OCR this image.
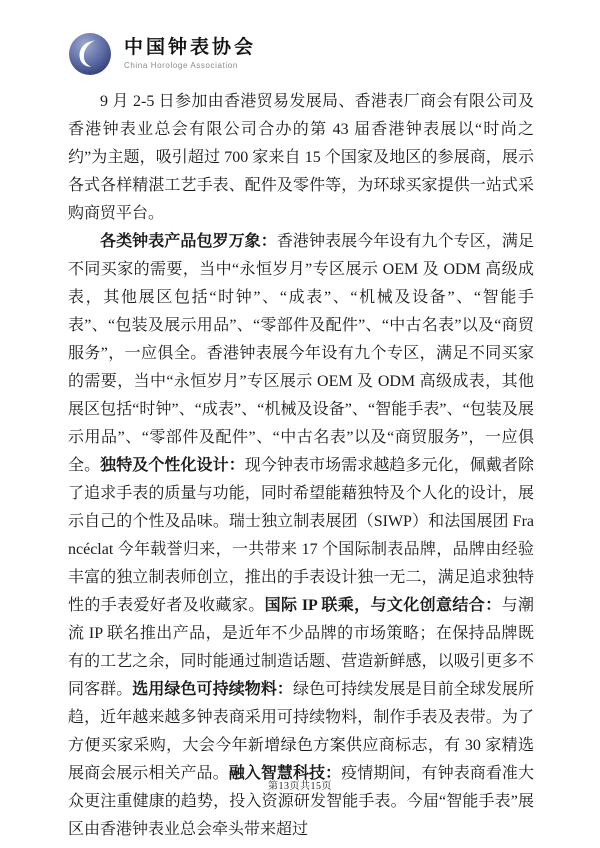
中国钟表协会
China Horologe Association

9 月 2-5 日参加由香港贸易发展局、香港表厂商会有限公司及香港钟表业总会有限公司合办的第 43 届香港钟表展以“时尚之约”为主题，吸引超过 700 家来自 15 个国家及地区的参展商，展示各式各样精湛工艺手表、配件及零件等，为环球买家提供一站式采购商贸平台。

各类钟表产品包罗万象：香港钟表展今年设有九个专区，满足不同买家的需要，当中“永恒岁月”专区展示 OEM 及 ODM 高级成表，其他展区包括“时钟”、“成表”、“机械及设备”、“智能手表”、“包装及展示用品”、“零部件及配件”、“中古名表”以及“商贸服务”，一应俱全。香港钟表展今年设有九个专区，满足不同买家的需要，当中“永恒岁月”专区展示 OEM 及 ODM 高级成表，其他展区包括“时钟”、“成表”、“机械及设备”、“智能手表”、“包装及展示用品”、“零部件及配件”、“中古名表”以及“商贸服务”，一应俱全。独特及个性化设计：现今钟表市场需求越趋多元化，佩戴者除了追求手表的质量与功能，同时希望能藉独特及个人化的设计，展示自己的个性及品味。瑞士独立制表展团（SIWP）和法国展团 Francéclat 今年载誉归来，一共带来 17 个国际制表品牌，品牌由经验丰富的独立制表师创立，推出的手表设计独一无二，满足追求独特性的手表爱好者及收藏家。国际 IP 联乘，与文化创意结合：与潮流 IP 联名推出产品，是近年不少品牌的市场策略；在保持品牌既有的工艺之余，同时能通过制造话题、营造新鲜感，以吸引更多不同客群。选用绿色可持续物料：绿色可持续发展是目前全球发展所趋，近年越来越多钟表商采用可持续物料，制作手表及表带。为了方便买家采购，大会今年新增绿色方案供应商标志，有 30 家精选展商会展示相关产品。融入智慧科技：疫情期间，有钟表商看准大众更注重健康的趋势，投入资源研发智能手表。今届“智能手表”展区由香港钟表业总会牵头带来超过

第13页共15页
